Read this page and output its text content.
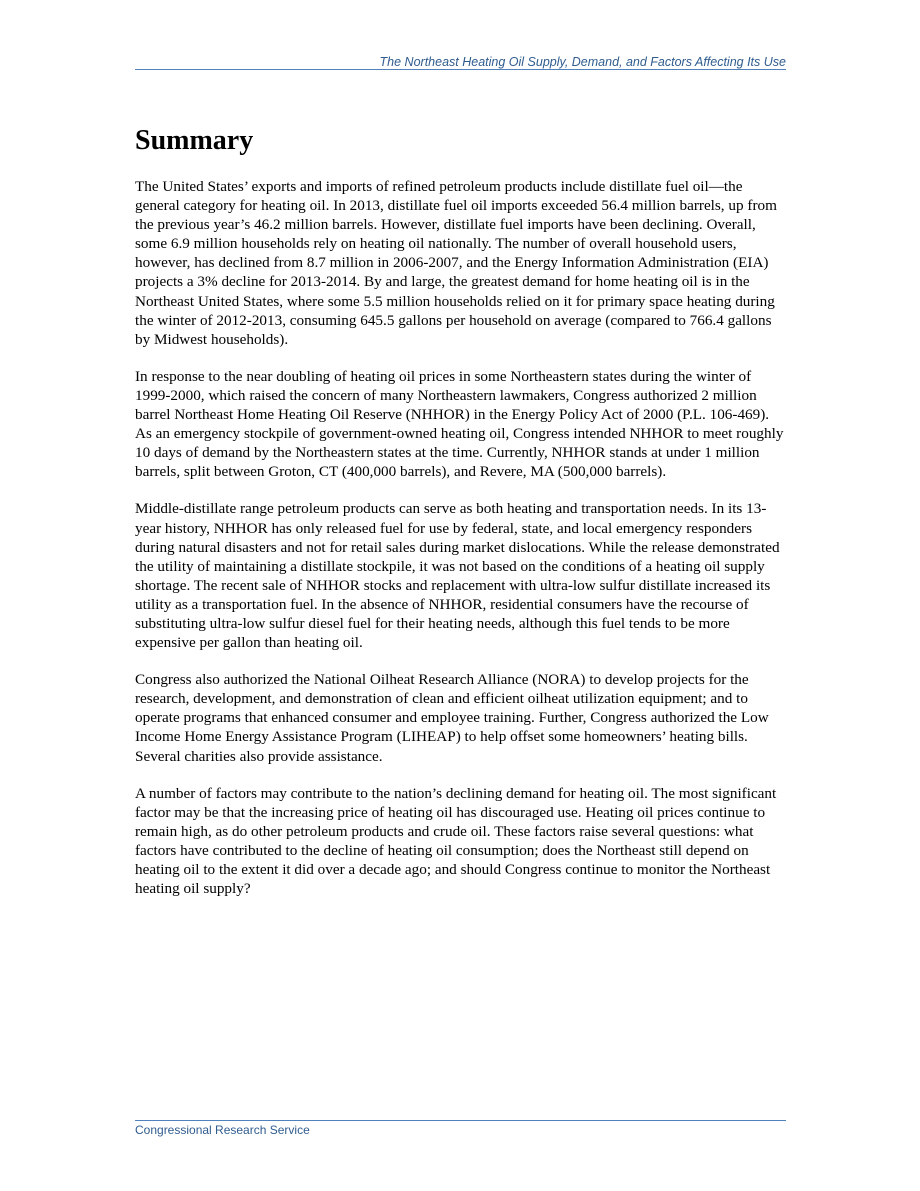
The Northeast Heating Oil Supply, Demand, and Factors Affecting Its Use
Summary

The United States’ exports and imports of refined petroleum products include distillate fuel oil—the general category for heating oil. In 2013, distillate fuel oil imports exceeded 56.4 million barrels, up from the previous year’s 46.2 million barrels. However, distillate fuel imports have been declining. Overall, some 6.9 million households rely on heating oil nationally. The number of overall household users, however, has declined from 8.7 million in 2006-2007, and the Energy Information Administration (EIA) projects a 3% decline for 2013-2014. By and large, the greatest demand for home heating oil is in the Northeast United States, where some 5.5 million households relied on it for primary space heating during the winter of 2012-2013, consuming 645.5 gallons per household on average (compared to 766.4 gallons by Midwest households).

In response to the near doubling of heating oil prices in some Northeastern states during the winter of 1999-2000, which raised the concern of many Northeastern lawmakers, Congress authorized 2 million barrel Northeast Home Heating Oil Reserve (NHHOR) in the Energy Policy Act of 2000 (P.L. 106-469). As an emergency stockpile of government-owned heating oil, Congress intended NHHOR to meet roughly 10 days of demand by the Northeastern states at the time. Currently, NHHOR stands at under 1 million barrels, split between Groton, CT (400,000 barrels), and Revere, MA (500,000 barrels).

Middle-distillate range petroleum products can serve as both heating and transportation needs. In its 13-year history, NHHOR has only released fuel for use by federal, state, and local emergency responders during natural disasters and not for retail sales during market dislocations. While the release demonstrated the utility of maintaining a distillate stockpile, it was not based on the conditions of a heating oil supply shortage. The recent sale of NHHOR stocks and replacement with ultra-low sulfur distillate increased its utility as a transportation fuel. In the absence of NHHOR, residential consumers have the recourse of substituting ultra-low sulfur diesel fuel for their heating needs, although this fuel tends to be more expensive per gallon than heating oil.

Congress also authorized the National Oilheat Research Alliance (NORA) to develop projects for the research, development, and demonstration of clean and efficient oilheat utilization equipment; and to operate programs that enhanced consumer and employee training. Further, Congress authorized the Low Income Home Energy Assistance Program (LIHEAP) to help offset some homeowners’ heating bills. Several charities also provide assistance.

A number of factors may contribute to the nation’s declining demand for heating oil. The most significant factor may be that the increasing price of heating oil has discouraged use. Heating oil prices continue to remain high, as do other petroleum products and crude oil. These factors raise several questions: what factors have contributed to the decline of heating oil consumption; does the Northeast still depend on heating oil to the extent it did over a decade ago; and should Congress continue to monitor the Northeast heating oil supply?

Congressional Research Service
